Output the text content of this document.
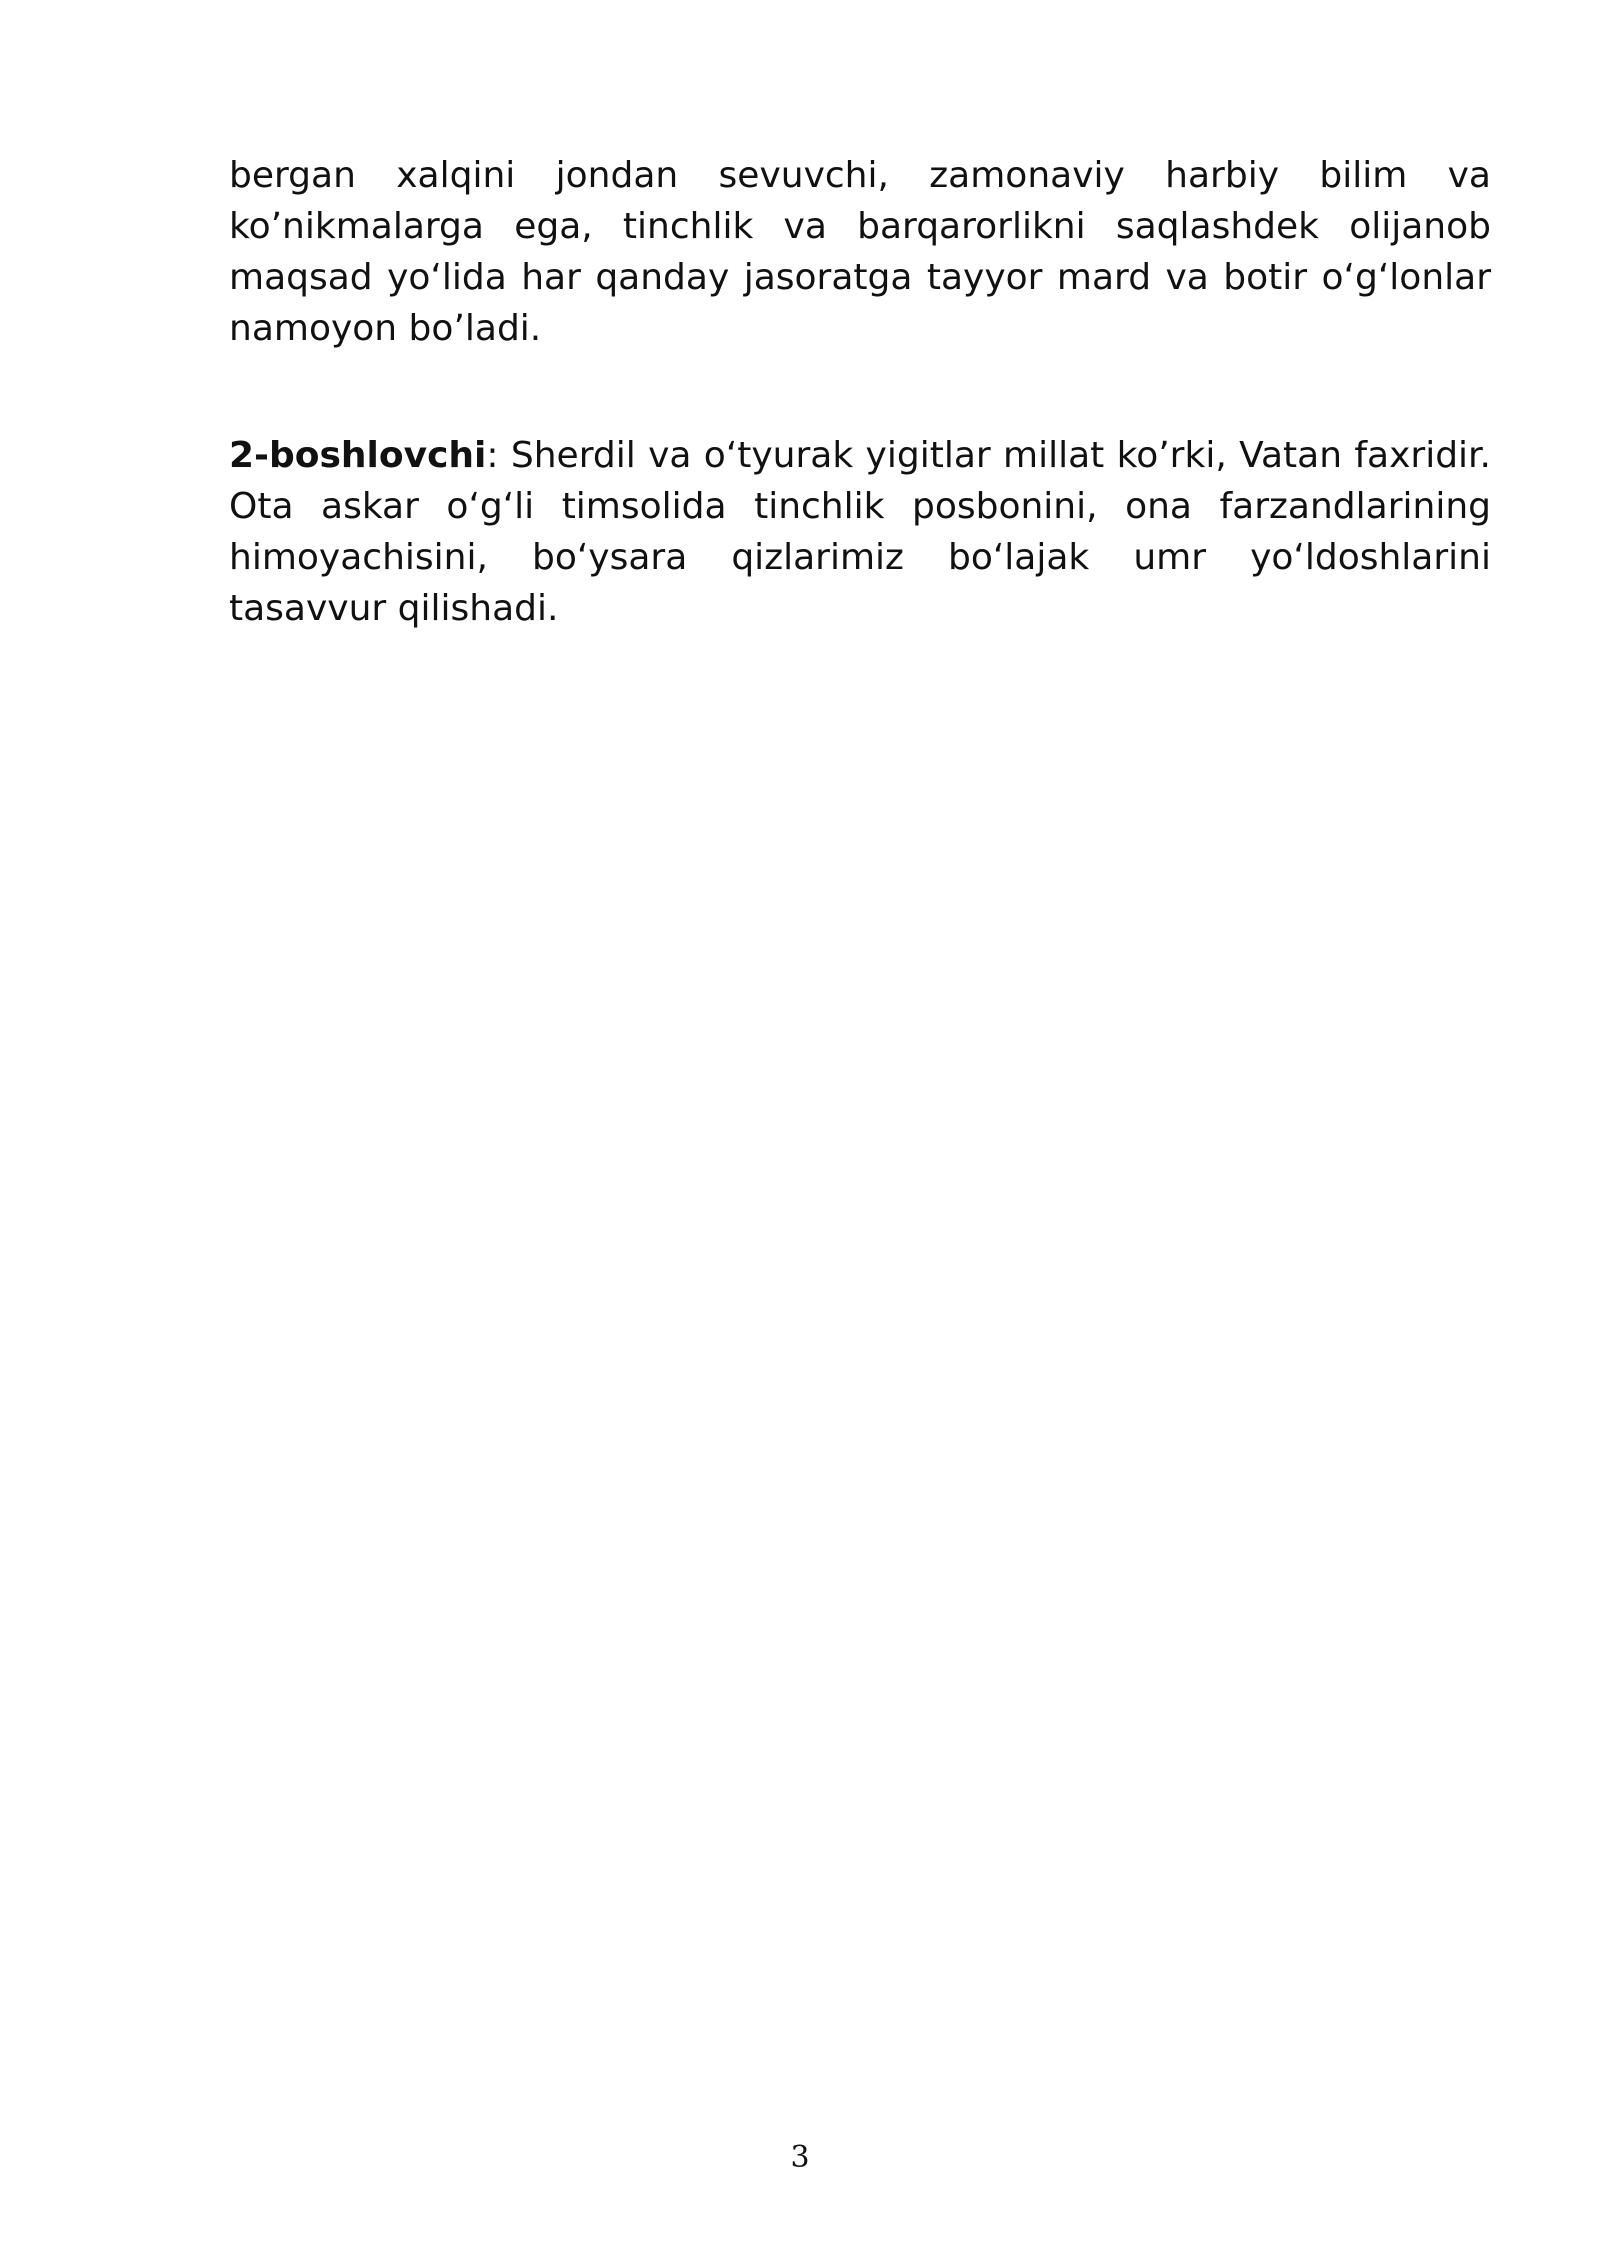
bergan xalqini jondan sevuvchi, zamonaviy harbiy bilim va ko’nikmalarga ega, tinchlik va barqarorlikni saqlashdek olijanob maqsad yo‘lida har qanday jasoratga tayyor mard va botir o‘g‘lonlar namoyon bo’ladi.

2-boshlovchi: Sherdil va o‘tyurak yigitlar millat ko’rki, Vatan faxridir. Ota askar o‘g‘li timsolida tinchlik posbonini, ona farzandlarining himoyachisini, bo‘ysara qizlarimiz bo‘lajak umr yo‘ldoshlarini tasavvur qilishadi.

3
